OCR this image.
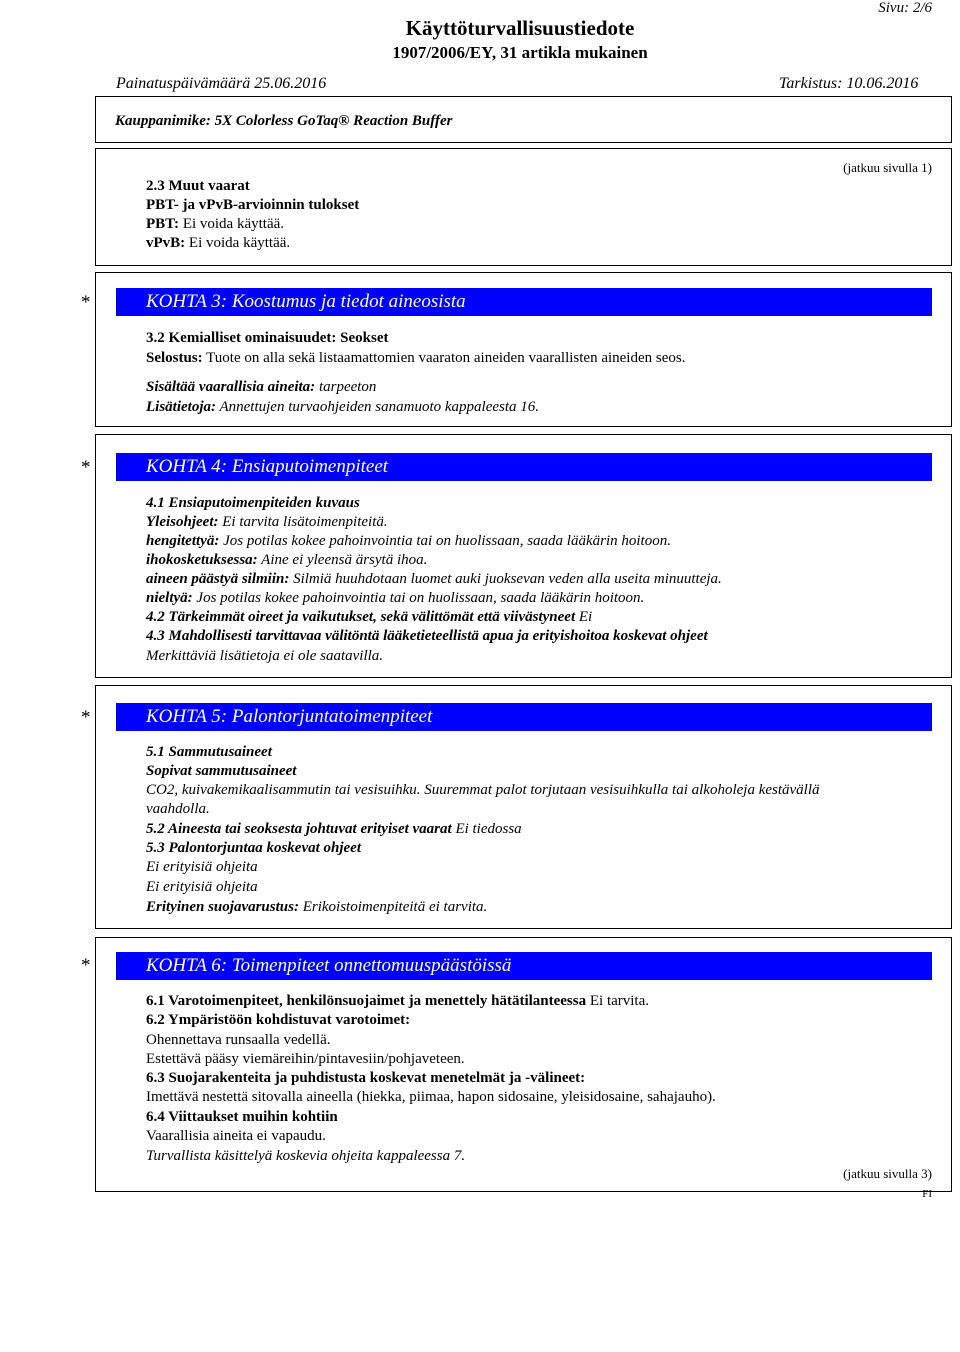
Sivu: 2/6
Käyttöturvallisuustiedote
1907/2006/EY, 31 artikla mukainen
Painatuspäivämäärä 25.06.2016	Tarkistus: 10.06.2016
Kauppanimike: 5X Colorless GoTaq® Reaction Buffer
(jatkuu sivulla 1)
2.3 Muut vaarat
PBT- ja vPvB-arvioinnin tulokset
PBT: Ei voida käyttää.
vPvB: Ei voida käyttää.
*	KOHTA 3: Koostumus ja tiedot aineosista
3.2 Kemialliset ominaisuudet: Seokset
Selostus: Tuote on alla sekä listaamattomien vaaraton aineiden vaarallisten aineiden seos.
Sisältää vaarallisia aineita: tarpeeton
Lisätietoja: Annettujen turvaohjeiden sanamuoto kappaleesta 16.
*	KOHTA 4: Ensiaputoimenpiteet
4.1 Ensiaputoimenpiteiden kuvaus
Yleisohjeet: Ei tarvita lisätoimenpiteitä.
hengitettyä: Jos potilas kokee pahoinvointia tai on huolissaan, saada lääkärin hoitoon.
ihokosketuksessa: Aine ei yleensä ärsytä ihoa.
aineen päästyä silmiin: Silmiä huuhdotaan luomet auki juoksevan veden alla useita minuutteja.
nieltyä: Jos potilas kokee pahoinvointia tai on huolissaan, saada lääkärin hoitoon.
4.2 Tärkeimmät oireet ja vaikutukset, sekä välittömät että viivästyneet Ei
4.3 Mahdollisesti tarvittavaa välitöntä lääketieteellistä apua ja erityishoitoa koskevat ohjeet
Merkittäviä lisätietoja ei ole saatavilla.
*	KOHTA 5: Palontorjuntatoimenpiteet
5.1 Sammutusaineet
Sopivat sammutusaineet
CO2, kuivakemikaalisammutin tai vesisuihku. Suuremmat palot torjutaan vesisuihkulla tai alkoholeja kestävällä
vaahdolla.
5.2 Aineesta tai seoksesta johtuvat erityiset vaarat Ei tiedossa
5.3 Palontorjuntaa koskevat ohjeet
Ei erityisiä ohjeita
Ei erityisiä ohjeita
Erityinen suojavarustus: Erikoistoimenpiteitä ei tarvita.
*	KOHTA 6: Toimenpiteet onnettomuuspäästöissä
6.1 Varotoimenpiteet, henkilönsuojaimet ja menettely hätätilanteessa Ei tarvita.
6.2 Ympäristöön kohdistuvat varotoimet:
Ohennettava runsaalla vedellä.
Estettävä pääsy viemäreihin/pintavesiin/pohjaveteen.
6.3 Suojarakenteita ja puhdistusta koskevat menetelmät ja -välineet:
Imettävä nestettä sitovalla aineella (hiekka, piimaa, hapon sidosaine, yleisidosaine, sahajauho).
6.4 Viittaukset muihin kohtiin
Vaarallisia aineita ei vapaudu.
Turvallista käsittelyä koskevia ohjeita kappaleessa 7.
(jatkuu sivulla 3)
FI
